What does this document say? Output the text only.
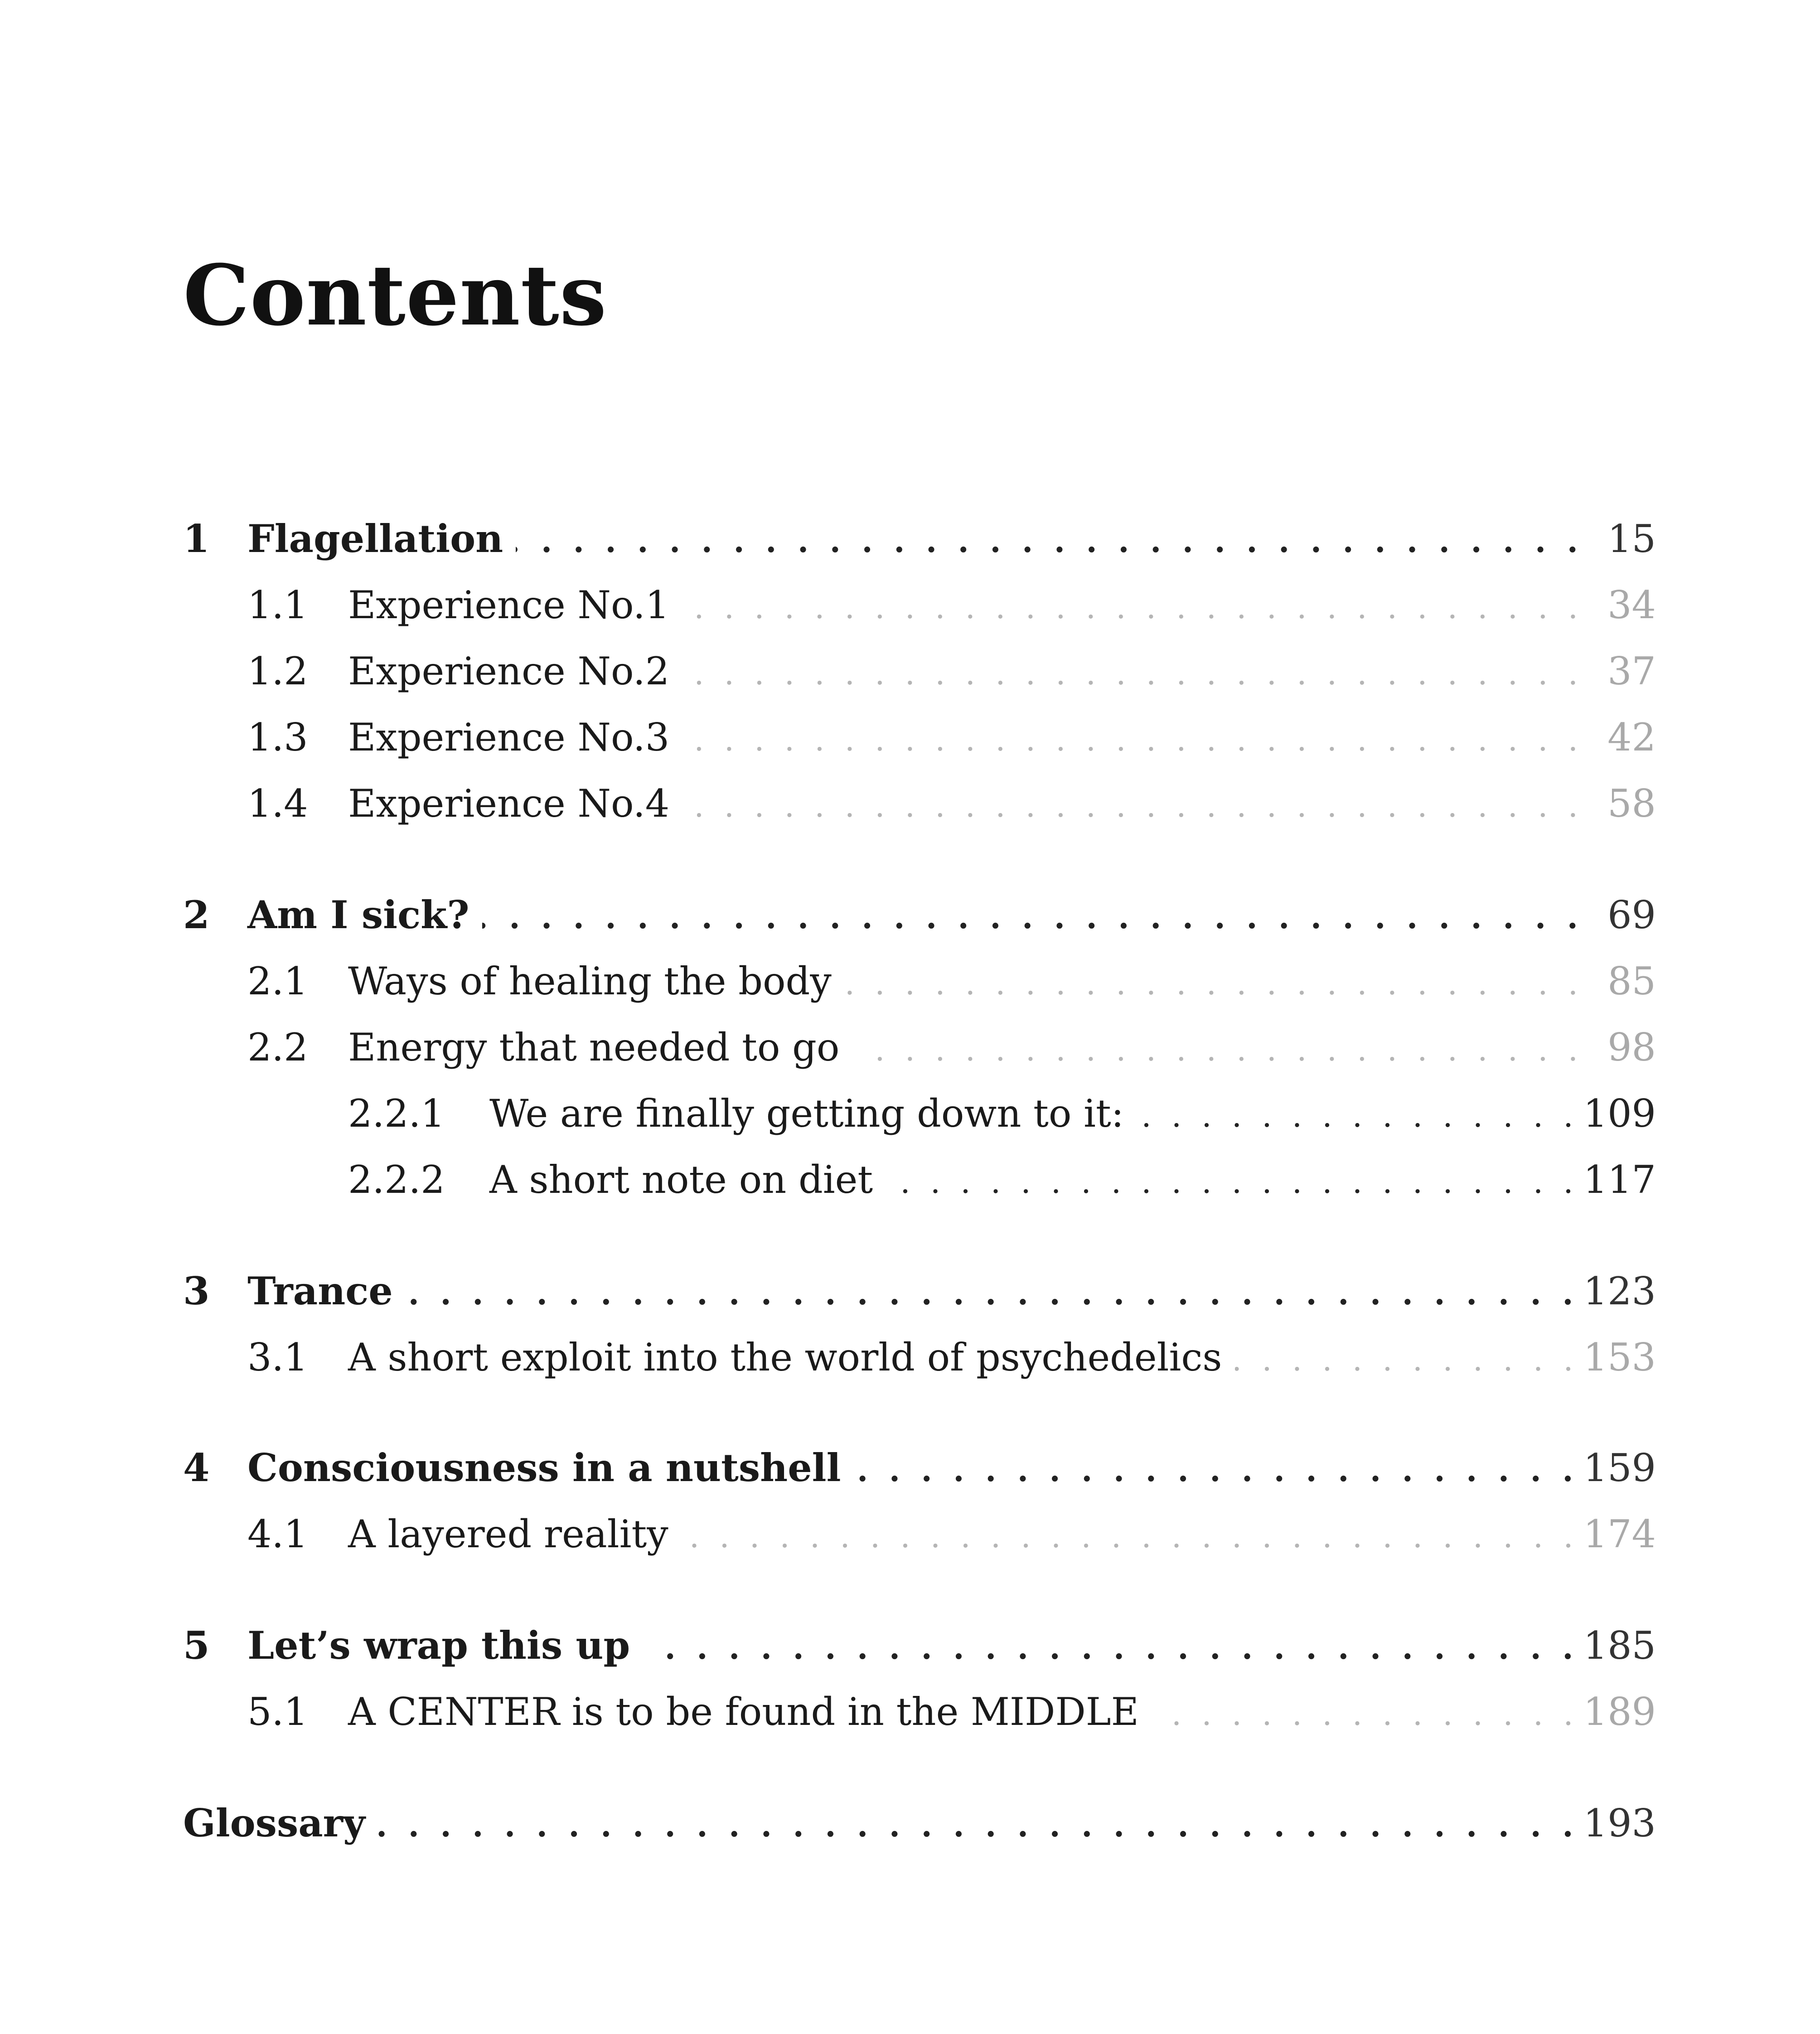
Contents
1 Flagellation . . .	15
1.1	Experience No.1 . . .	34
1.2	Experience No.2 . . .	37
1.3	Experience No.3 . . .	42
1.4	Experience No.4 . . .	58
2 Am I sick? . . .	69
2.1	Ways of healing the body . . .	85
2.2	Energy that needed to go . . .	98
2.2.1	We are finally getting down to it: . . .	109
2.2.2	A short note on diet . . .	117
3 Trance . . .	123
3.1	A short exploit into the world of psychedelics . . .	153
4 Consciousness in a nutshell . . .	159
4.1	A layered reality . . .	174
5 Let’s wrap this up . . .	185
5.1	A CENTER is to be found in the MIDDLE . . .	189
Glossary . . .	193
